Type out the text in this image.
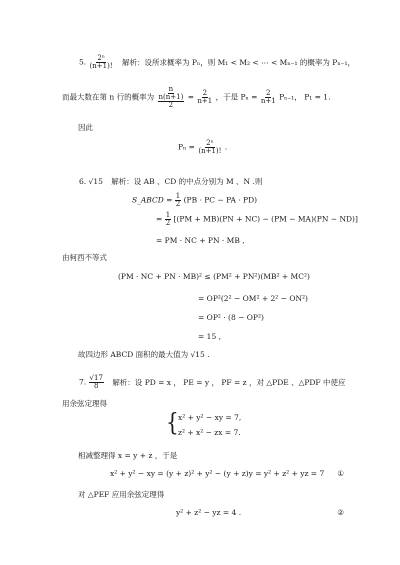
5. $\frac{\text{2ⁿ}}{(n+1)!}$ 解析：设所求概率为 Pₙ，则 M₁ < M₂ < ⋯ < Mₙ₋₁ 的概率为 Pₙ₋₁，
而最大数在第 n 行的概率为 $\frac{n}{\frac{n(n+1)}{2}} = \frac{2}{n+1}$ ，于是 $P_n = \frac{2}{n+1} P_{n-1}$， P₁ = 1.
因此
$P_n = \frac{\text{2ⁿ}}{(n+1)!}$ .
6. √15 解析：设 AB 、CD 的中点分别为 M 、N .则
S_ABCD = $\frac{1}{2} (PB$ · PC − PA · PD)
= $\frac{1}{2} [(PM + MB)(PN + NC) - (PM - MA)(PN - ND)]$
= PM · NC + PN · MB ,
由柯西不等式
(PM · NC + PN · MB)² ≤ (PM² + PN²)(MB² + MC²)
= OP²(2² − OM² + 2² − ON²)
= OP² · (8 − OP²)
= 15 ,
故四边形 ABCD 面积的最大值为 √15 .
7. $\frac{√17}{8}$ 解析：设 PD = x ， PE = y ， PF = z ，对 △PDE 、△PDF 中使应
用余弦定理得
{ x² + y² − xy = 7,
z² + x² − zx = 7.
相减整理得 x = y + z ，于是
x² + y² − xy = (y + z)² + y² − (y + z)y = y² + z² + yz = 7 ①
对 △PEF 应用余弦定理得
y² + z² − yz = 4 .	②
